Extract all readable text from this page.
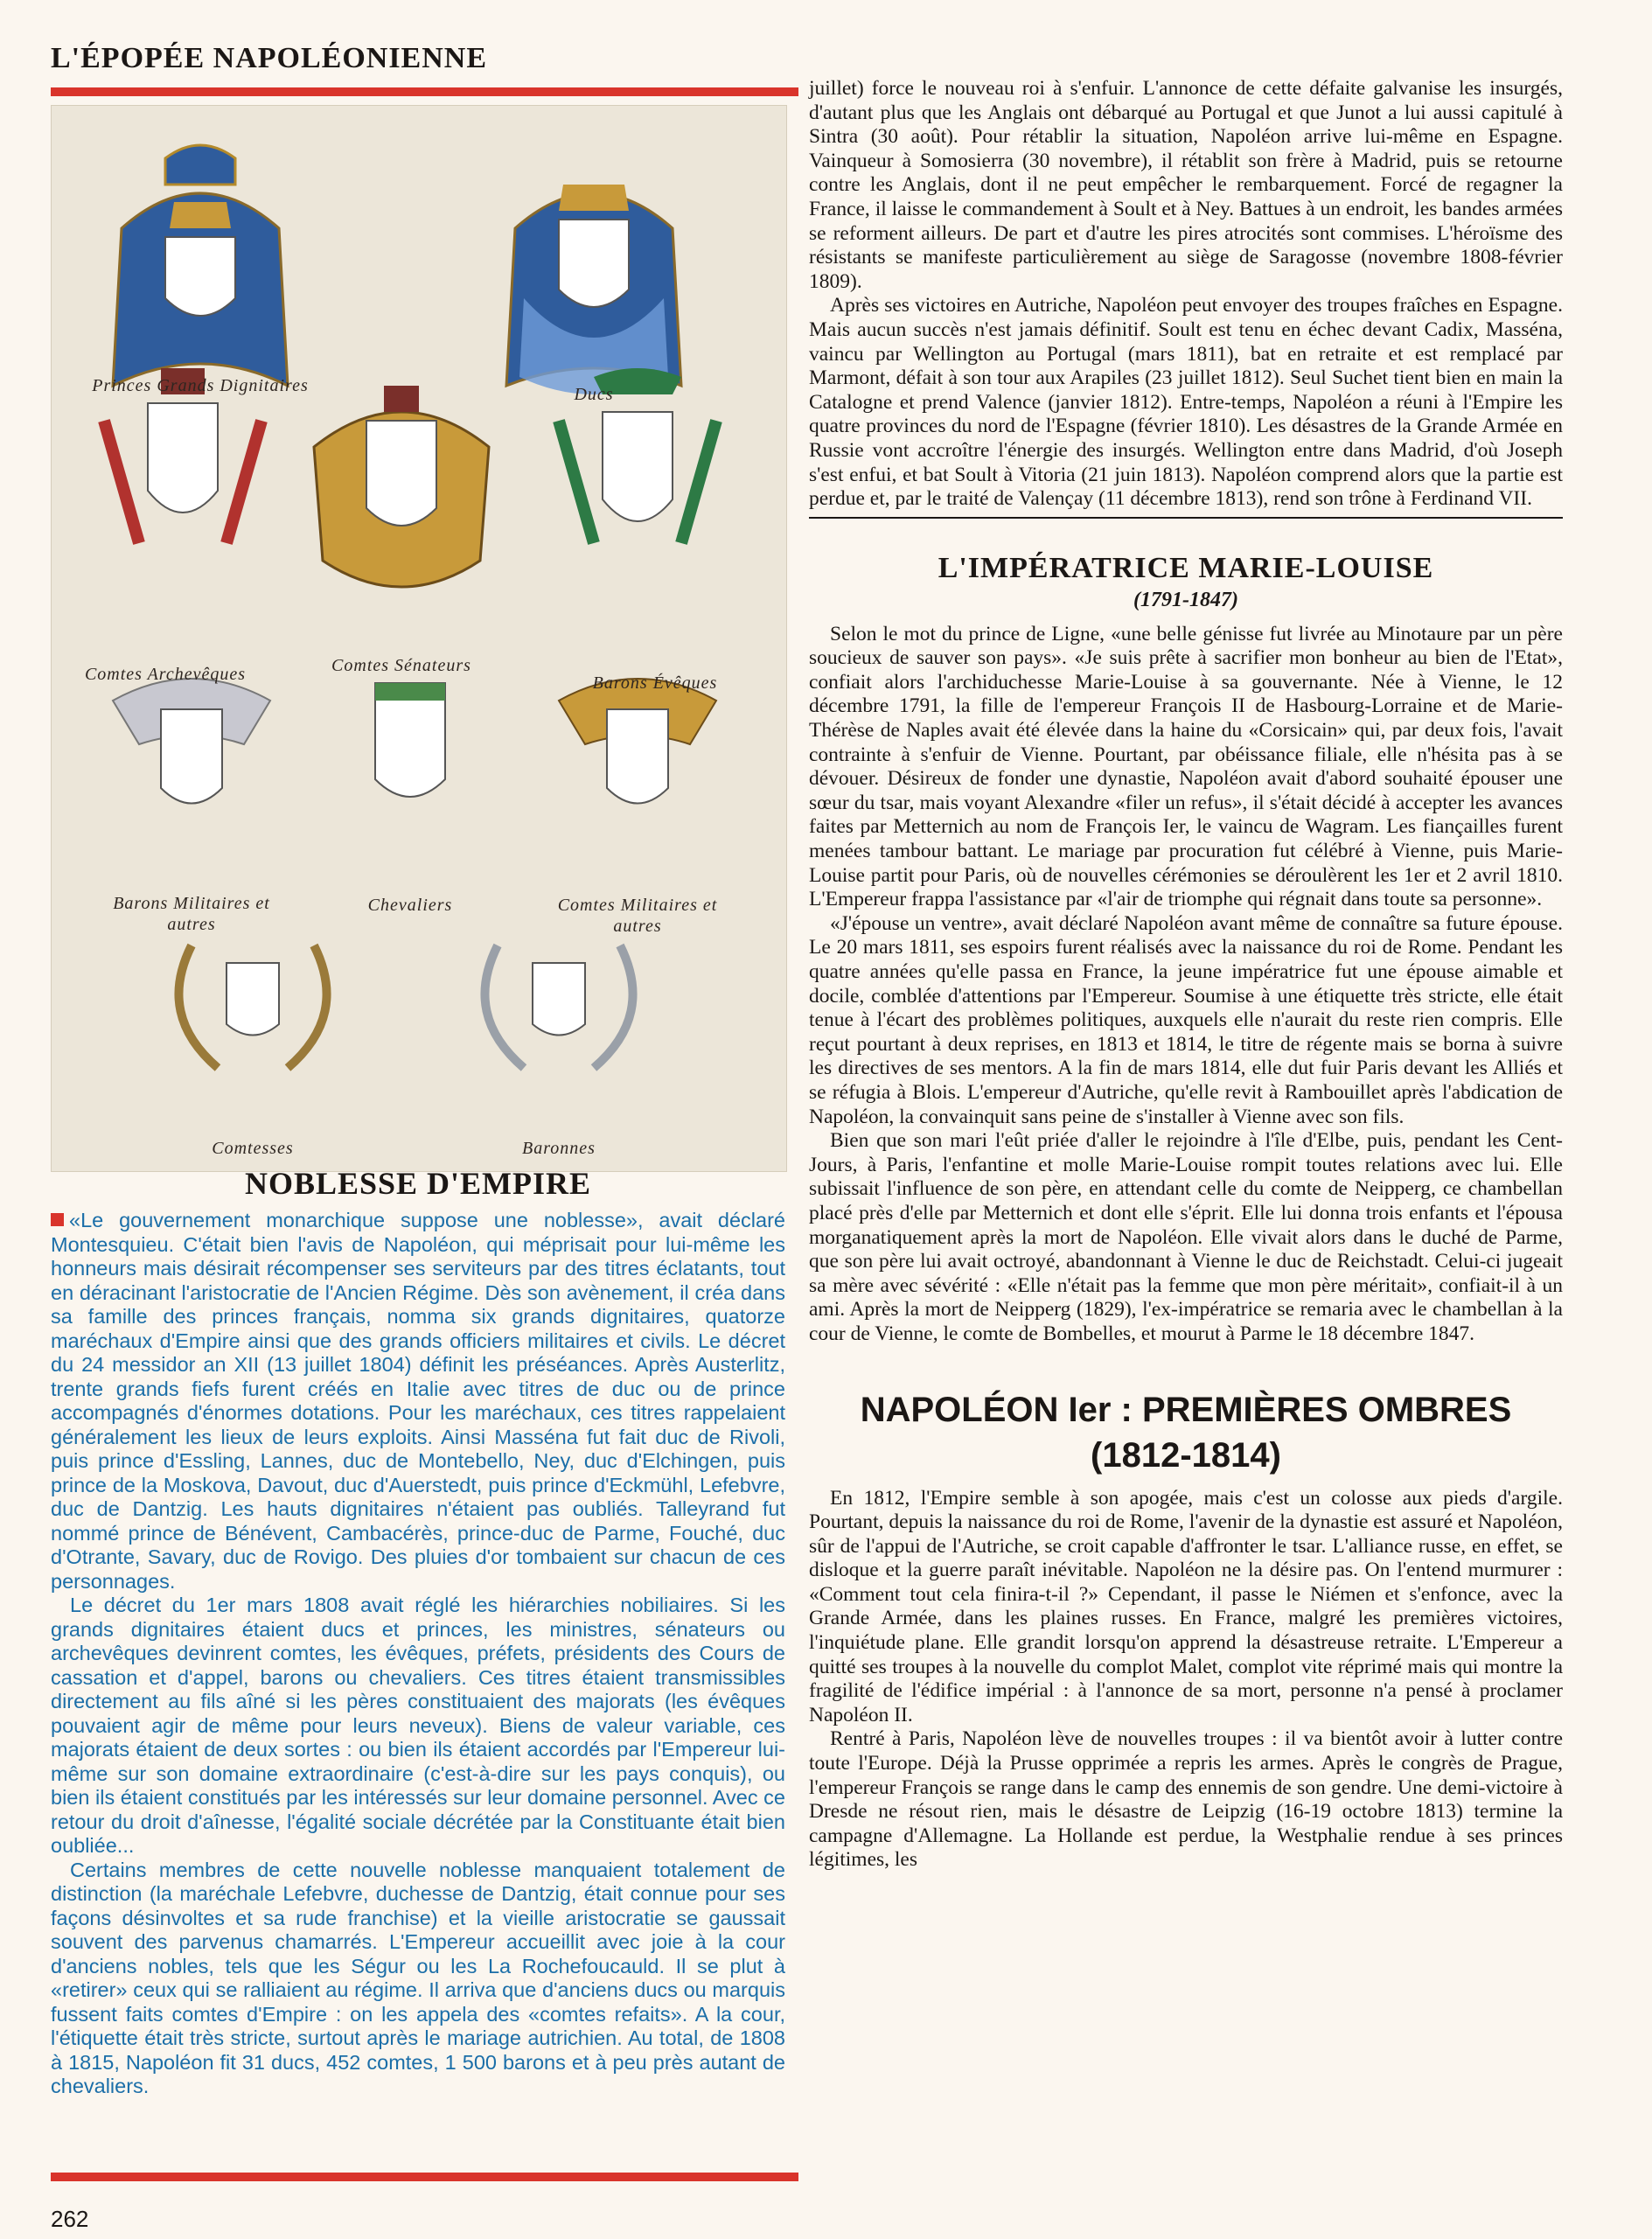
L'ÉPOPÉE NAPOLÉONIENNE
Princes Grands Dignitaires	Ducs
Comtes Archevêques	Comtes Sénateurs
Barons Évêques
Barons Militaires et autres
Chevaliers	Comtes Militaires et autres
Comtesses	Baronnes
NOBLESSE D'EMPIRE

«Le gouvernement monarchique suppose une noblesse», avait déclaré Montesquieu. C'était bien l'avis de Napoléon, qui méprisait pour lui-même les honneurs mais désirait récompenser ses serviteurs par des titres éclatants, tout en déracinant l'aristocratie de l'Ancien Régime. Dès son avènement, il créa dans sa famille des princes français, nomma six grands dignitaires, quatorze maréchaux d'Empire ainsi que des grands officiers militaires et civils. Le décret du 24 messidor an XII (13 juillet 1804) définit les préséances. Après Austerlitz, trente grands fiefs furent créés en Italie avec titres de duc ou de prince accompagnés d'énormes dotations. Pour les maréchaux, ces titres rappelaient généralement les lieux de leurs exploits. Ainsi Masséna fut fait duc de Rivoli, puis prince d'Essling, Lannes, duc de Montebello, Ney, duc d'Elchingen, puis prince de la Moskova, Davout, duc d'Auerstedt, puis prince d'Eckmühl, Lefebvre, duc de Dantzig. Les hauts dignitaires n'étaient pas oubliés. Talleyrand fut nommé prince de Bénévent, Cambacérès, prince-duc de Parme, Fouché, duc d'Otrante, Savary, duc de Rovigo. Des pluies d'or tombaient sur chacun de ces personnages.

Le décret du 1er mars 1808 avait réglé les hiérarchies nobiliaires. Si les grands dignitaires étaient ducs et princes, les ministres, sénateurs ou archevêques devinrent comtes, les évêques, préfets, présidents des Cours de cassation et d'appel, barons ou chevaliers. Ces titres étaient transmissibles directement au fils aîné si les pères constituaient des majorats (les évêques pouvaient agir de même pour leurs neveux). Biens de valeur variable, ces majorats étaient de deux sortes : ou bien ils étaient accordés par l'Empereur lui-même sur son domaine extraordinaire (c'est-à-dire sur les pays conquis), ou bien ils étaient constitués par les intéressés sur leur domaine personnel. Avec ce retour du droit d'aînesse, l'égalité sociale décrétée par la Constituante était bien oubliée...

Certains membres de cette nouvelle noblesse manquaient totalement de distinction (la maréchale Lefebvre, duchesse de Dantzig, était connue pour ses façons désinvoltes et sa rude franchise) et la vieille aristocratie se gaussait souvent des parvenus chamarrés. L'Empereur accueillit avec joie à la cour d'anciens nobles, tels que les Ségur ou les La Rochefoucauld. Il se plut à «retirer» ceux qui se ralliaient au régime. Il arriva que d'anciens ducs ou marquis fussent faits comtes d'Empire : on les appela des «comtes refaits». A la cour, l'étiquette était très stricte, surtout après le mariage autrichien. Au total, de 1808 à 1815, Napoléon fit 31 ducs, 452 comtes, 1 500 barons et à peu près autant de chevaliers.

262

juillet) force le nouveau roi à s'enfuir. L'annonce de cette défaite galvanise les insurgés, d'autant plus que les Anglais ont débarqué au Portugal et que Junot a lui aussi capitulé à Sintra (30 août). Pour rétablir la situation, Napoléon arrive lui-même en Espagne. Vainqueur à Somosierra (30 novembre), il rétablit son frère à Madrid, puis se retourne contre les Anglais, dont il ne peut empêcher le rembarquement. Forcé de regagner la France, il laisse le commandement à Soult et à Ney. Battues à un endroit, les bandes armées se reforment ailleurs. De part et d'autre les pires atrocités sont commises. L'héroïsme des résistants se manifeste particulièrement au siège de Saragosse (novembre 1808-février 1809).

Après ses victoires en Autriche, Napoléon peut envoyer des troupes fraîches en Espagne. Mais aucun succès n'est jamais définitif. Soult est tenu en échec devant Cadix, Masséna, vaincu par Wellington au Portugal (mars 1811), bat en retraite et est remplacé par Marmont, défait à son tour aux Arapiles (23 juillet 1812). Seul Suchet tient bien en main la Catalogne et prend Valence (janvier 1812). Entre-temps, Napoléon a réuni à l'Empire les quatre provinces du nord de l'Espagne (février 1810). Les désastres de la Grande Armée en Russie vont accroître l'énergie des insurgés. Wellington entre dans Madrid, d'où Joseph s'est enfui, et bat Soult à Vitoria (21 juin 1813). Napoléon comprend alors que la partie est perdue et, par le traité de Valençay (11 décembre 1813), rend son trône à Ferdinand VII.

L'IMPÉRATRICE MARIE-LOUISE
(1791-1847)

Selon le mot du prince de Ligne, «une belle génisse fut livrée au Minotaure par un père soucieux de sauver son pays». «Je suis prête à sacrifier mon bonheur au bien de l'Etat», confiait alors l'archiduchesse Marie-Louise à sa gouvernante. Née à Vienne, le 12 décembre 1791, la fille de l'empereur François II de Hasbourg-Lorraine et de Marie-Thérèse de Naples avait été élevée dans la haine du «Corsicain» qui, par deux fois, l'avait contrainte à s'enfuir de Vienne. Pourtant, par obéissance filiale, elle n'hésita pas à se dévouer. Désireux de fonder une dynastie, Napoléon avait d'abord souhaité épouser une sœur du tsar, mais voyant Alexandre «filer un refus», il s'était décidé à accepter les avances faites par Metternich au nom de François Ier, le vaincu de Wagram. Les fiançailles furent menées tambour battant. Le mariage par procuration fut célébré à Vienne, puis Marie-Louise partit pour Paris, où de nouvelles cérémonies se déroulèrent les 1er et 2 avril 1810. L'Empereur frappa l'assistance par «l'air de triomphe qui régnait dans toute sa personne».

«J'épouse un ventre», avait déclaré Napoléon avant même de connaître sa future épouse. Le 20 mars 1811, ses espoirs furent réalisés avec la naissance du roi de Rome. Pendant les quatre années qu'elle passa en France, la jeune impératrice fut une épouse aimable et docile, comblée d'attentions par l'Empereur. Soumise à une étiquette très stricte, elle était tenue à l'écart des problèmes politiques, auxquels elle n'aurait du reste rien compris. Elle reçut pourtant à deux reprises, en 1813 et 1814, le titre de régente mais se borna à suivre les directives de ses mentors. A la fin de mars 1814, elle dut fuir Paris devant les Alliés et se réfugia à Blois. L'empereur d'Autriche, qu'elle revit à Rambouillet après l'abdication de Napoléon, la convainquit sans peine de s'installer à Vienne avec son fils.

Bien que son mari l'eût priée d'aller le rejoindre à l'île d'Elbe, puis, pendant les Cent-Jours, à Paris, l'enfantine et molle Marie-Louise rompit toutes relations avec lui. Elle subissait l'influence de son père, en attendant celle du comte de Neipperg, ce chambellan placé près d'elle par Metternich et dont elle s'éprit. Elle lui donna trois enfants et l'épousa morganatiquement après la mort de Napoléon. Elle vivait alors dans le duché de Parme, que son père lui avait octroyé, abandonnant à Vienne le duc de Reichstadt. Celui-ci jugeait sa mère avec sévérité : «Elle n'était pas la femme que mon père méritait», confiait-il à un ami. Après la mort de Neipperg (1829), l'ex-impératrice se remaria avec le chambellan à la cour de Vienne, le comte de Bombelles, et mourut à Parme le 18 décembre 1847.

NAPOLÉON Ier : PREMIÈRES OMBRES
(1812-1814)

En 1812, l'Empire semble à son apogée, mais c'est un colosse aux pieds d'argile. Pourtant, depuis la naissance du roi de Rome, l'avenir de la dynastie est assuré et Napoléon, sûr de l'appui de l'Autriche, se croit capable d'affronter le tsar. L'alliance russe, en effet, se disloque et la guerre paraît inévitable. Napoléon ne la désire pas. On l'entend murmurer : «Comment tout cela finira-t-il ?» Cependant, il passe le Niémen et s'enfonce, avec la Grande Armée, dans les plaines russes. En France, malgré les premières victoires, l'inquiétude plane. Elle grandit lorsqu'on apprend la désastreuse retraite. L'Empereur a quitté ses troupes à la nouvelle du complot Malet, complot vite réprimé mais qui montre la fragilité de l'édifice impérial : à l'annonce de sa mort, personne n'a pensé à proclamer Napoléon II.

Rentré à Paris, Napoléon lève de nouvelles troupes : il va bientôt avoir à lutter contre toute l'Europe. Déjà la Prusse opprimée a repris les armes. Après le congrès de Prague, l'empereur François se range dans le camp des ennemis de son gendre. Une demi-victoire à Dresde ne résout rien, mais le désastre de Leipzig (16-19 octobre 1813) termine la campagne d'Allemagne. La Hollande est perdue, la Westphalie rendue à ses princes légitimes, les
